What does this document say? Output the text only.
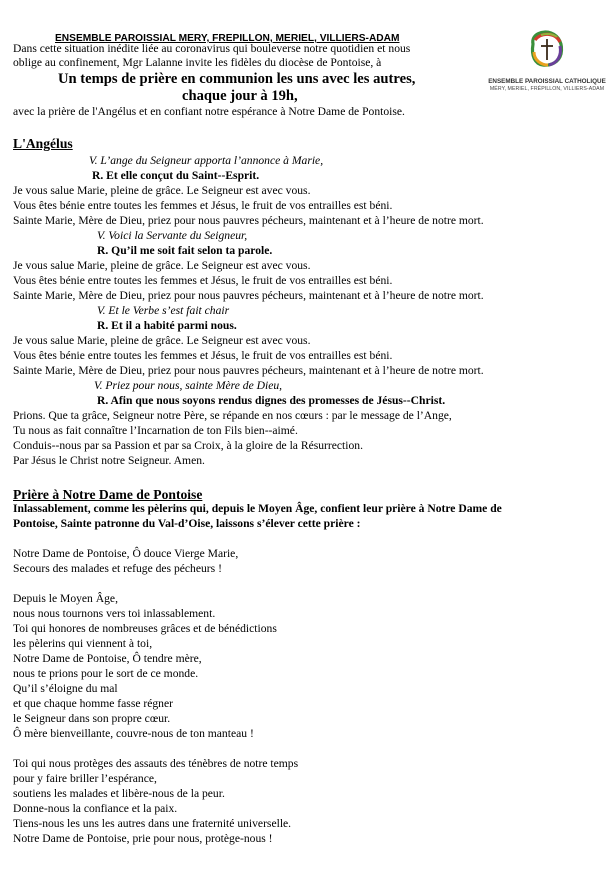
ENSEMBLE PAROISSIAL MERY, FREPILLON, MERIEL, VILLIERS-ADAM
ENSEMBLE PAROISSIAL CATHOLIQUE
MÉRY, MERIEL, FRÉPILLON, VILLIERS-ADAM
Dans cette situation inédite liée au coronavirus qui bouleverse notre quotidien et nous
oblige au confinement, Mgr Lalanne invite les fidèles du diocèse de Pontoise, à
Un temps de prière en communion les uns avec les autres,
chaque jour à 19h,
avec la prière de l'Angélus et en confiant notre espérance à Notre Dame de Pontoise.
L'Angélus
V. L’ange du Seigneur apporta l’annonce à Marie,
R. Et elle conçut du Saint--Esprit.
Je vous salue Marie, pleine de grâce. Le Seigneur est avec vous.
Vous êtes bénie entre toutes les femmes et Jésus, le fruit de vos entrailles est béni.
Sainte Marie, Mère de Dieu, priez pour nous pauvres pécheurs, maintenant et à l’heure de notre mort.
V. Voici la Servante du Seigneur,
R. Qu’il me soit fait selon ta parole.
Je vous salue Marie, pleine de grâce. Le Seigneur est avec vous.
Vous êtes bénie entre toutes les femmes et Jésus, le fruit de vos entrailles est béni.
Sainte Marie, Mère de Dieu, priez pour nous pauvres pécheurs, maintenant et à l’heure de notre mort.
V. Et le Verbe s’est fait chair
R. Et il a habité parmi nous.
Je vous salue Marie, pleine de grâce. Le Seigneur est avec vous.
Vous êtes bénie entre toutes les femmes et Jésus, le fruit de vos entrailles est béni.
Sainte Marie, Mère de Dieu, priez pour nous pauvres pécheurs, maintenant et à l’heure de notre mort.
V. Priez pour nous, sainte Mère de Dieu,
R. Afin que nous soyons rendus dignes des promesses de Jésus--Christ.
Prions. Que ta grâce, Seigneur notre Père, se répande en nos cœurs : par le message de l’Ange,
Tu nous as fait connaître l’Incarnation de ton Fils bien--aimé.
Conduis--nous par sa Passion et par sa Croix, à la gloire de la Résurrection.
Par Jésus le Christ notre Seigneur. Amen.
Prière à Notre Dame de Pontoise
Inlassablement, comme les pèlerins qui, depuis le Moyen Âge, confient leur prière à Notre Dame de
Pontoise, Sainte patronne du Val-d’Oise, laissons s’élever cette prière :
Notre Dame de Pontoise, Ô douce Vierge Marie,
Secours des malades et refuge des pécheurs !
Depuis le Moyen Âge,
nous nous tournons vers toi inlassablement.
Toi qui honores de nombreuses grâces et de bénédictions
les pèlerins qui viennent à toi,
Notre Dame de Pontoise, Ô tendre mère,
nous te prions pour le sort de ce monde.
Qu’il s’éloigne du mal
et que chaque homme fasse régner
le Seigneur dans son propre cœur.
Ô mère bienveillante, couvre-nous de ton manteau !
Toi qui nous protèges des assauts des ténèbres de notre temps
pour y faire briller l’espérance,
soutiens les malades et libère-nous de la peur.
Donne-nous la confiance et la paix.
Tiens-nous les uns les autres dans une fraternité universelle.
Notre Dame de Pontoise, prie pour nous, protège-nous !
